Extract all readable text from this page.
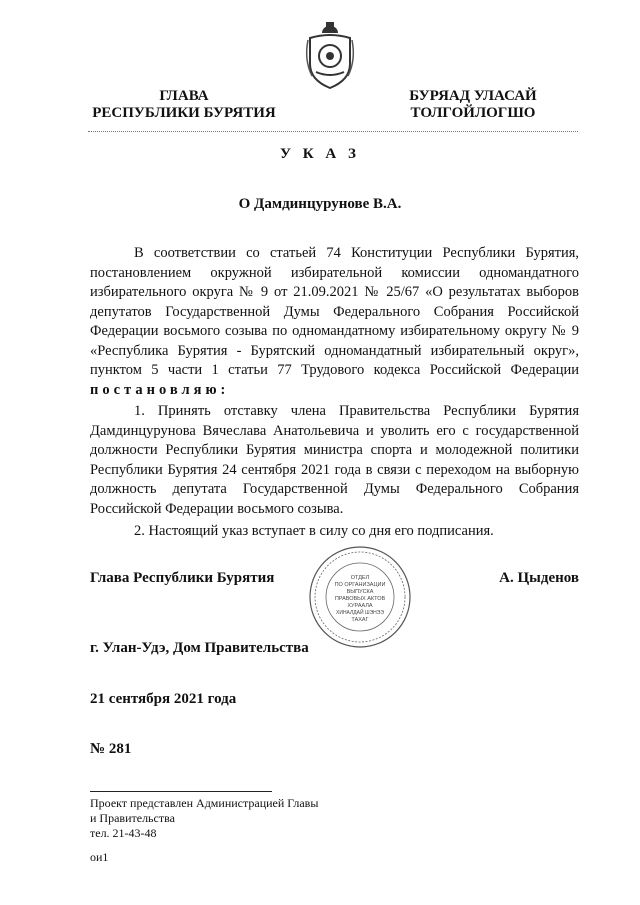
ГЛАВА
РЕСПУБЛИКИ БУРЯТИЯ
БУРЯАД УЛАСАЙ
ТОЛГОЙЛОГШО
У К А З
О Дамдинцурунове В.А.
В соответствии со статьей 74 Конституции Республики Бурятия, постановлением окружной избирательной комиссии одномандатного избирательного округа № 9 от 21.09.2021 № 25/67 «О результатах выборов депутатов Государственной Думы Федерального Собрания Российской Федерации восьмого созыва по одномандатному избирательному округу № 9 «Республика Бурятия - Бурятский одномандатный избирательный округ», пунктом 5 части 1 статьи 77 Трудового кодекса Российской Федерации постановляю:
1. Принять отставку члена Правительства Республики Бурятия Дамдинцурунова Вячеслава Анатольевича и уволить его с государственной должности Республики Бурятия министра спорта и молодежной политики Республики Бурятия 24 сентября 2021 года в связи с переходом на выборную должность депутата Государственной Думы Федерального Собрания Российской Федерации восьмого созыва.
2. Настоящий указ вступает в силу со дня его подписания.
Глава Республики Бурятия	ОТДЕЛ
ПО ОРГАНИЗАЦИИ
ВЫПУСКА
ПРАВОВЫХ АКТОВ
ХУРААЛА
ХИНАЛДАЙ ШЭНЭЭ
ТАХАГ
А. Цыденов
г. Улан-Удэ, Дом Правительства
21 сентября 2021 года
№ 281
Проект представлен Администрацией Главы
и Правительства
тел. 21-43-48
ои1
